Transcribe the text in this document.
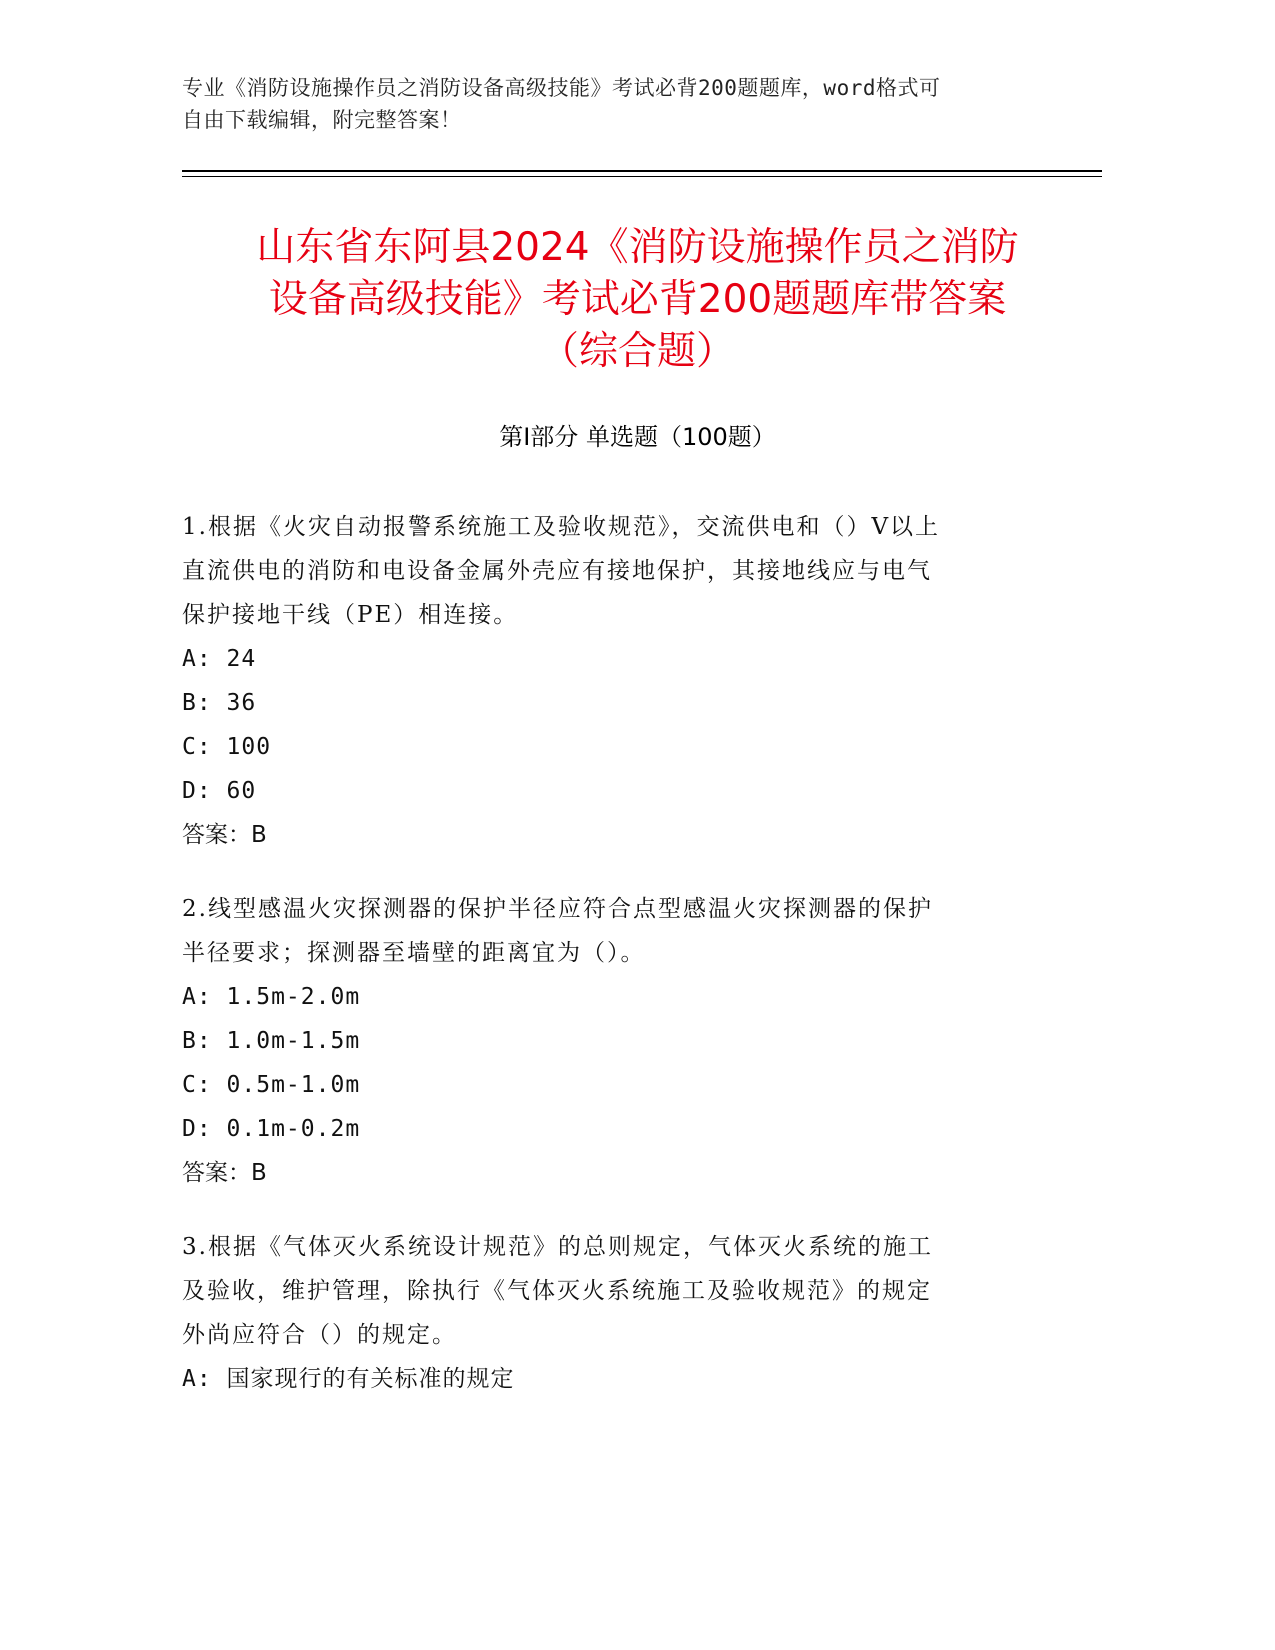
专业《消防设施操作员之消防设备高级技能》考试必背200题题库，word格式可
自由下载编辑，附完整答案！
山东省东阿县2024《消防设施操作员之消防
设备高级技能》考试必背200题题库带答案
（综合题）
第I部分 单选题（100题）

1.根据《火灾自动报警系统施工及验收规范》，交流供电和（）V以上

直流供电的消防和电设备金属外壳应有接地保护，其接地线应与电气

保护接地干线（PE）相连接。

A: 24

B: 36

C: 100

D: 60

答案：B

2.线型感温火灾探测器的保护半径应符合点型感温火灾探测器的保护

半径要求；探测器至墙壁的距离宜为（）。

A: 1.5m-2.0m

B: 1.0m-1.5m

C: 0.5m-1.0m

D: 0.1m-0.2m

答案：B

3.根据《气体灭火系统设计规范》的总则规定，气体灭火系统的施工

及验收，维护管理，除执行《气体灭火系统施工及验收规范》的规定

外尚应符合（）的规定。

A: 国家现行的有关标准的规定
